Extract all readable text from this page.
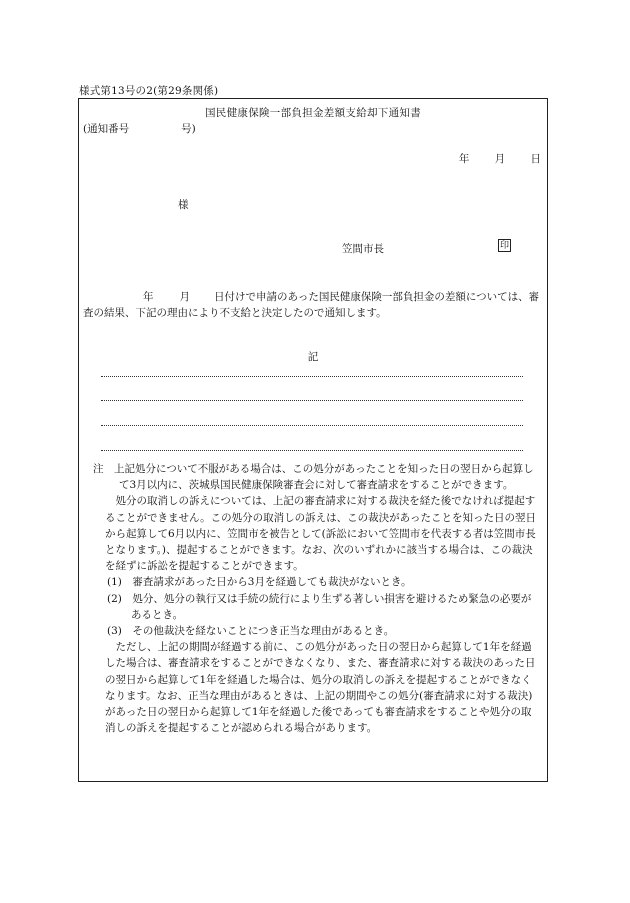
様式第13号の2(第29条関係)
国民健康保険一部負担金差額支給却下通知書
(通知番号	号)
年 月 日
様
笠間市長	印
年 月 日付けで申請のあった国民健康保険一部負担金の差額については、審査の結果、下記の理由により不支給と決定したので通知します。
記

注　上記処分について不服がある場合は、この処分があったことを知った日の翌日から起算して3月以内に、茨城県国民健康保険審査会に対して審査請求をすることができます。

処分の取消しの訴えについては、上記の審査請求に対する裁決を経た後でなければ提起することができません。この処分の取消しの訴えは、この裁決があったことを知った日の翌日から起算して6月以内に、笠間市を被告として(訴訟において笠間市を代表する者は笠間市長となります。)、提起することができます。なお、次のいずれかに該当する場合は、この裁決を経ずに訴訟を提起することができます。

(1)　審査請求があった日から3月を経過しても裁決がないとき。

(2)　処分、処分の執行又は手続の続行により生ずる著しい損害を避けるため緊急の必要があるとき。

(3)　その他裁決を経ないことにつき正当な理由があるとき。

ただし、上記の期間が経過する前に、この処分があった日の翌日から起算して1年を経過した場合は、審査請求をすることができなくなり、また、審査請求に対する裁決のあった日の翌日から起算して1年を経過した場合は、処分の取消しの訴えを提起することができなくなります。なお、正当な理由があるときは、上記の期間やこの処分(審査請求に対する裁決)があった日の翌日から起算して1年を経過した後であっても審査請求をすることや処分の取消しの訴えを提起することが認められる場合があります。
